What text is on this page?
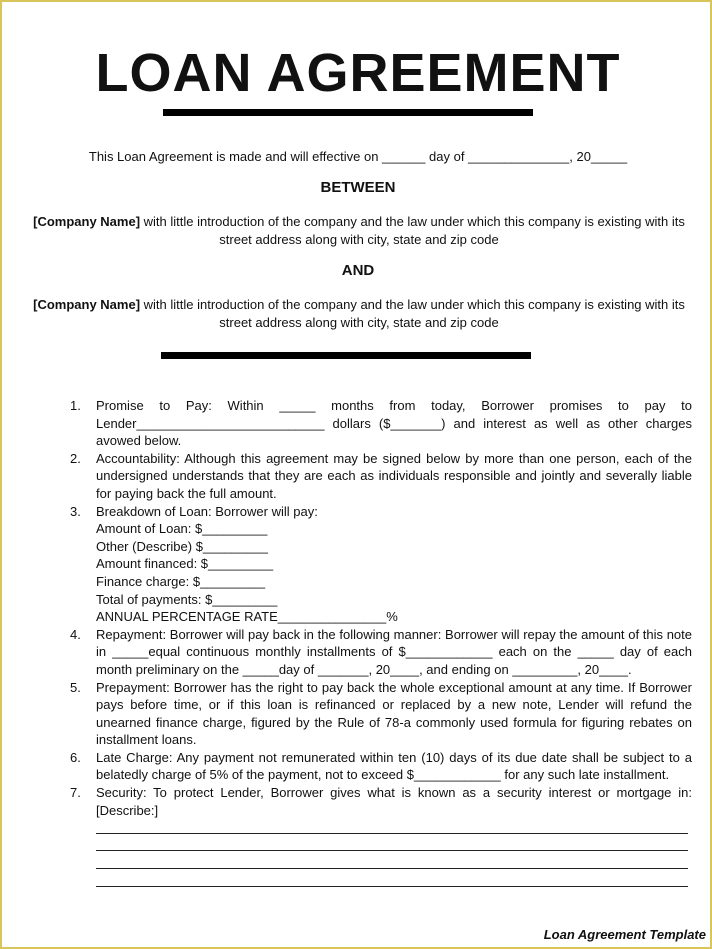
LOAN AGREEMENT
This Loan Agreement is made and will effective on ______ day of ______________, 20_____
BETWEEN
[Company Name] with little introduction of the company and the law under which this company is existing with its street address along with city, state and zip code
AND
[Company Name] with little introduction of the company and the law under which this company is existing with its street address along with city, state and zip code
1. Promise to Pay: Within _____ months from today, Borrower promises to pay to Lender__________________________ dollars ($_______) and interest as well as other charges avowed below.
2. Accountability: Although this agreement may be signed below by more than one person, each of the undersigned understands that they are each as individuals responsible and jointly and severally liable for paying back the full amount.
3. Breakdown of Loan: Borrower will pay:
Amount of Loan: $_________
Other (Describe) $_________
Amount financed: $_________
Finance charge: $_________
Total of payments: $_________
ANNUAL PERCENTAGE RATE_______________%
4. Repayment: Borrower will pay back in the following manner: Borrower will repay the amount of this note in _____equal continuous monthly installments of $____________ each on the _____ day of each month preliminary on the _____day of _______, 20____, and ending on _________, 20____.
5. Prepayment: Borrower has the right to pay back the whole exceptional amount at any time. If Borrower pays before time, or if this loan is refinanced or replaced by a new note, Lender will refund the unearned finance charge, figured by the Rule of 78-a commonly used formula for figuring rebates on installment loans.
6. Late Charge: Any payment not remunerated within ten (10) days of its due date shall be subject to a belatedly charge of 5% of the payment, not to exceed $____________ for any such late installment.
7. Security: To protect Lender, Borrower gives what is known as a security interest or mortgage in: [Describe:]
Loan Agreement Template
